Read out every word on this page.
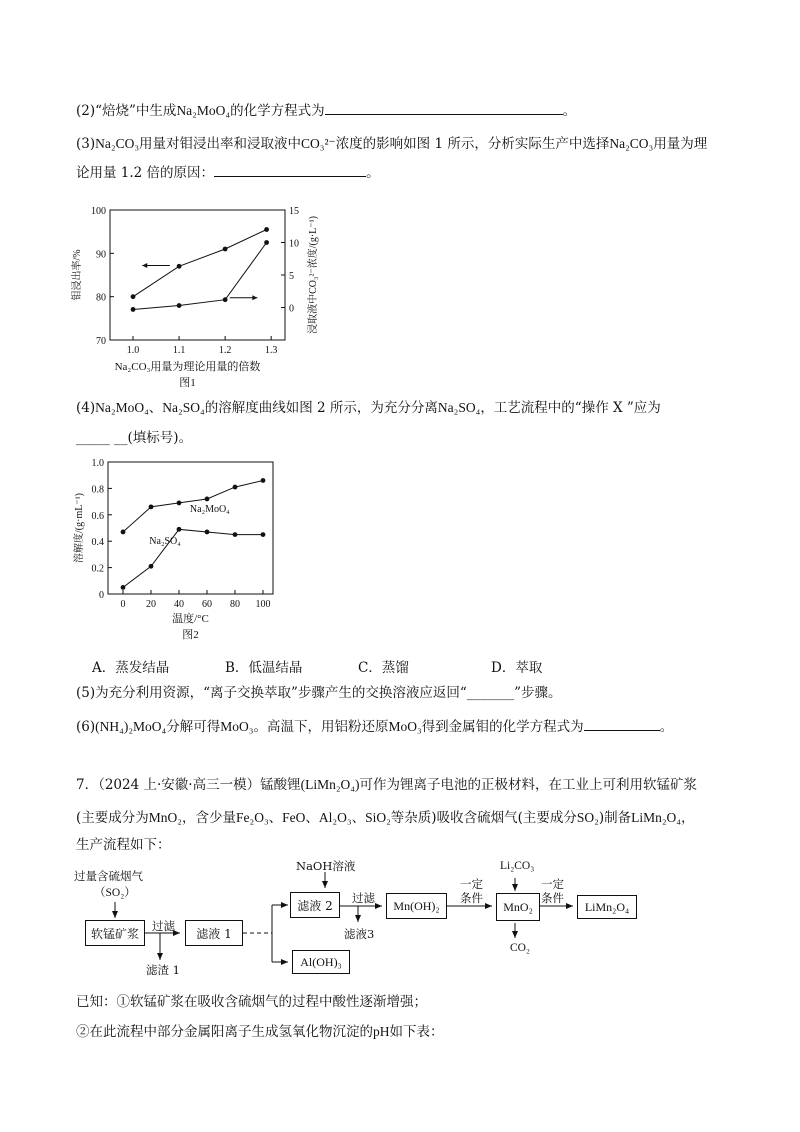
(2)“焙烧”中生成Na₂MoO₄的化学方程式为	。
(3)Na₂CO₃用量对钼浸出率和浸取液中CO₃²⁻浓度的影响如图 1 所示，分析实际生产中选择Na₂CO₃用量为理
论用量 1.2 倍的原因：	。
1.0	1.1	1.2	1.3
70
80
90
100
0
5
10
15
钼浸出率/%	浸取液中CO₃²⁻浓度/(g·L⁻¹)
Na₂CO₃用量为理论用量的倍数
图1
(4)Na₂MoO₄、Na₂SO₄的溶解度曲线如图 2 所示，为充分分离Na₂SO₄，工艺流程中的“操作 X ”应为
_____ __(填标号)。
0 20 40 60 80 100
0
0.2
0.4
0.6
0.8
1.0
Na₂MoO₄
Na₂SO₄
溶解度/(g·mL⁻¹)
温度/°C
图2
A．蒸发结晶	B．低温结晶	C．蒸馏	D．萃取
(5)为充分利用资源，“离子交换萃取”步骤产生的交换溶液应返回“_______”步骤。
(6)(NH₄)₂MoO₄分解可得MoO₃。高温下，用铝粉还原MoO₃得到金属钼的化学方程式为	。
7．（2024 上·安徽·高三一模）锰酸锂(LiMn₂O₄)可作为锂离子电池的正极材料，在工业上可利用软锰矿浆
(主要成分为MnO₂，含少量Fe₂O₃、FeO、Al₂O₃、SiO₂等杂质)吸收含硫烟气(主要成分SO₂)制备LiMn₂O₄，
生产流程如下：
过量含硫烟气
（SO₂）
软锰矿浆
过滤
滤渣 1
滤液 1
NaOH溶液
滤液 2
过滤
滤液3
Mn(OH)₂
一定
条件
Li₂CO₃
MnO₂
CO₂
一定
条件
LiMn₂O₄
Al(OH)₃
已知：①软锰矿浆在吸收含硫烟气的过程中酸性逐渐增强；
②在此流程中部分金属阳离子生成氢氧化物沉淀的pH如下表：
